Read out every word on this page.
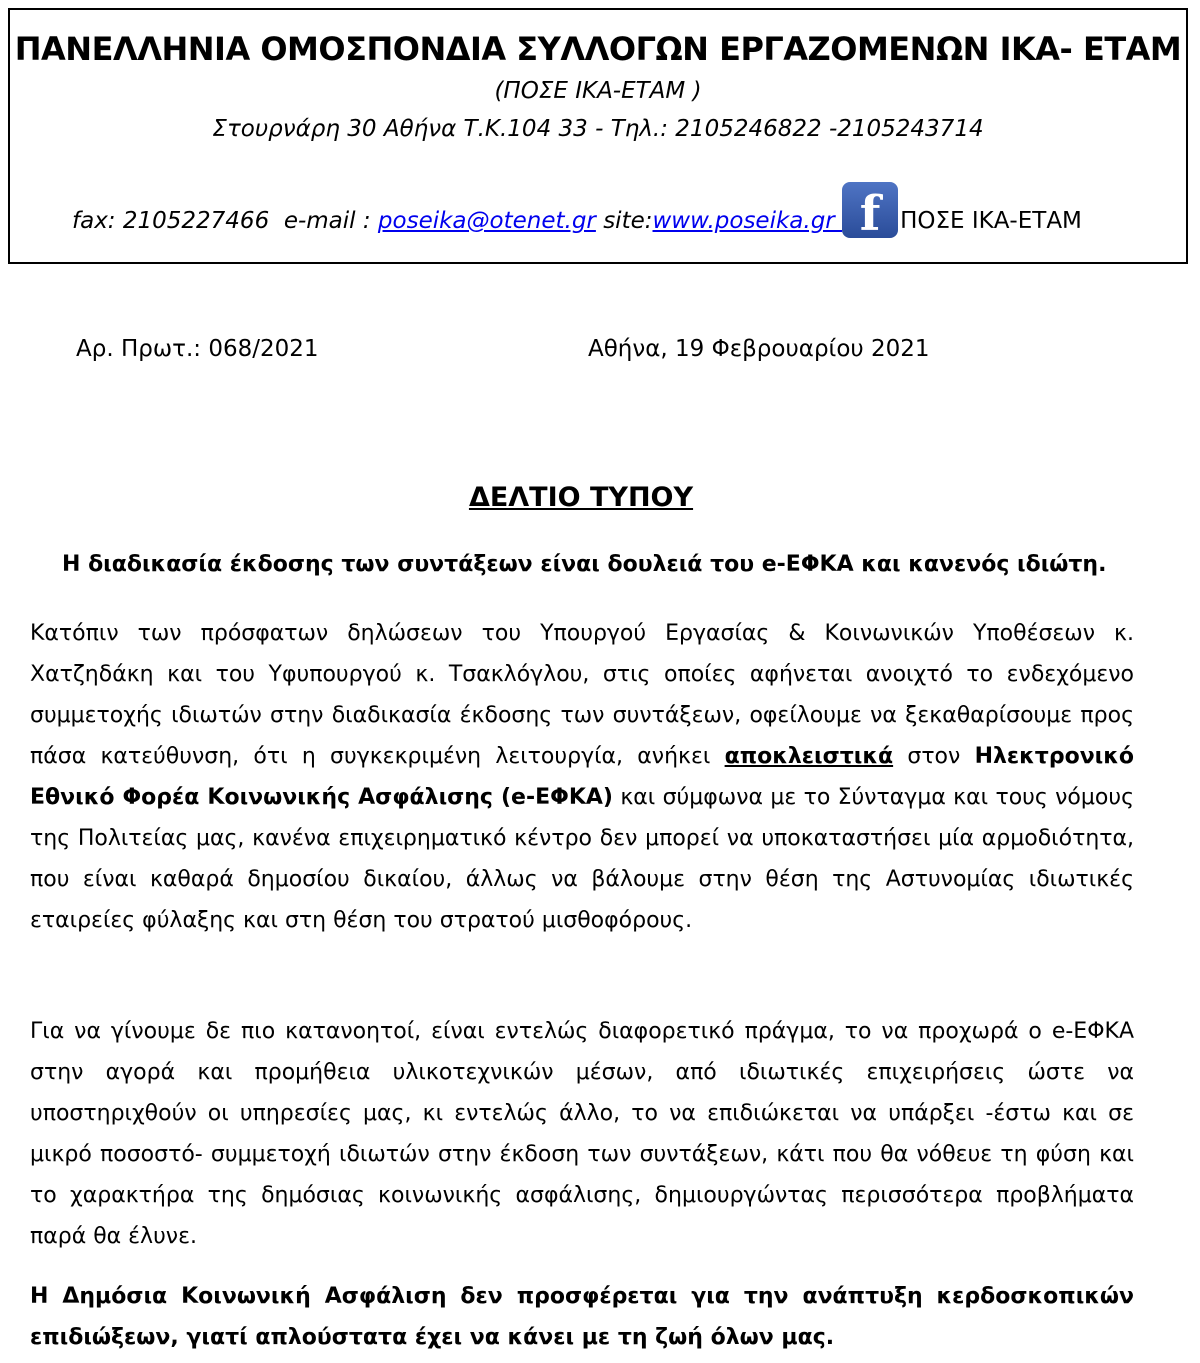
ΠΑΝΕΛΛΗΝΙΑ ΟΜΟΣΠΟΝΔΙΑ ΣΥΛΛΟΓΩΝ ΕΡΓΑΖΟΜΕΝΩΝ ΙΚΑ- ΕΤΑΜ
(ΠΟΣΕ ΙΚΑ-ΕΤΑΜ )
Στουρνάρη 30 Αθήνα Τ.Κ.104 33 - Τηλ.: 2105246822 -2105243714
fax: 2105227466  e-mail : poseika@otenet.gr site: www.poseika.gr f ΠΟΣΕ ΙΚΑ-ΕΤΑΜ
Αρ. Πρωτ.: 068/2021	Αθήνα, 19 Φεβρουαρίου 2021
ΔΕΛΤΙΟ ΤΥΠΟΥ
Η διαδικασία έκδοσης των συντάξεων είναι δουλειά του e-ΕΦΚΑ και κανενός ιδιώτη.

Κατόπιν των πρόσφατων δηλώσεων του Υπουργού Εργασίας & Κοινωνικών Υποθέσεων κ. Χατζηδάκη και του Υφυπουργού κ. Τσακλόγλου, στις οποίες αφήνεται ανοιχτό το ενδεχόμενο συμμετοχής ιδιωτών στην διαδικασία έκδοσης των συντάξεων, οφείλουμε να ξεκαθαρίσουμε προς πάσα κατεύθυνση, ότι η συγκεκριμένη λειτουργία, ανήκει αποκλειστικά στον Ηλεκτρονικό Εθνικό Φορέα Κοινωνικής Ασφάλισης (e-ΕΦΚΑ) και σύμφωνα με το Σύνταγμα και τους νόμους της Πολιτείας μας, κανένα επιχειρηματικό κέντρο δεν μπορεί να υποκαταστήσει μία αρμοδιότητα, που είναι καθαρά δημοσίου δικαίου, άλλως να βάλουμε στην θέση της Αστυνομίας ιδιωτικές εταιρείες φύλαξης και στη θέση του στρατού μισθοφόρους.

Για να γίνουμε δε πιο κατανοητοί, είναι εντελώς διαφορετικό πράγμα, το να προχωρά ο e-ΕΦΚΑ στην αγορά και προμήθεια υλικοτεχνικών μέσων, από ιδιωτικές επιχειρήσεις ώστε να υποστηριχθούν οι υπηρεσίες μας, κι εντελώς άλλο, το να επιδιώκεται να υπάρξει -έστω και σε μικρό ποσοστό- συμμετοχή ιδιωτών στην έκδοση των συντάξεων, κάτι που θα νόθευε τη φύση και το χαρακτήρα της δημόσιας κοινωνικής ασφάλισης, δημιουργώντας περισσότερα προβλήματα παρά θα έλυνε.

Η Δημόσια Κοινωνική Ασφάλιση δεν προσφέρεται για την ανάπτυξη κερδοσκοπικών επιδιώξεων, γιατί απλούστατα έχει να κάνει με τη ζωή όλων μας.
